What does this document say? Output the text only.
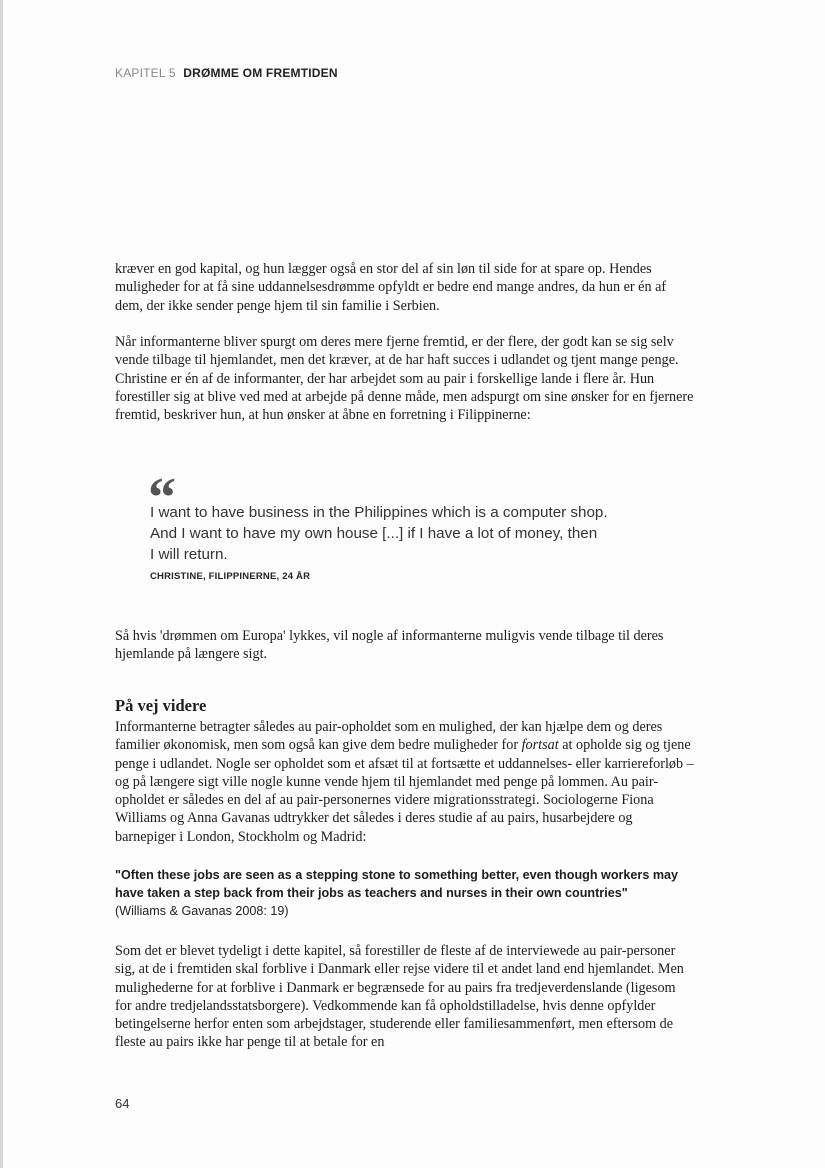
KAPITEL 5 DRØMME OM FREMTIDEN

kræver en god kapital, og hun lægger også en stor del af sin løn til side for at spare op. Hendes muligheder for at få sine uddannelsesdrømme opfyldt er bedre end mange andres, da hun er én af dem, der ikke sender penge hjem til sin familie i Serbien.

Når informanterne bliver spurgt om deres mere fjerne fremtid, er der flere, der godt kan se sig selv vende tilbage til hjemlandet, men det kræver, at de har haft succes i udlandet og tjent mange penge. Christine er én af de informanter, der har arbejdet som au pair i forskellige lande i flere år. Hun forestiller sig at blive ved med at arbejde på denne måde, men adspurgt om sine ønsker for en fjernere fremtid, beskriver hun, at hun ønsker at åbne en forretning i Filippinerne:

“
I want to have business in the Philippines which is a computer shop.
And I want to have my own house [...] if I have a lot of money, then
I will return.
CHRISTINE, FILIPPINERNE, 24 ÅR

Så hvis 'drømmen om Europa' lykkes, vil nogle af informanterne muligvis vende tilbage til deres hjemlande på længere sigt.

På vej videre

Informanterne betragter således au pair-opholdet som en mulighed, der kan hjælpe dem og deres familier økonomisk, men som også kan give dem bedre muligheder for fortsat at opholde sig og tjene penge i udlandet. Nogle ser opholdet som et afsæt til at fortsætte et uddannelses- eller karriereforløb – og på længere sigt ville nogle kunne vende hjem til hjemlandet med penge på lommen. Au pair-opholdet er således en del af au pair-personernes videre migrationsstrategi. Sociologerne Fiona Williams og Anna Gavanas udtrykker det således i deres studie af au pairs, husarbejdere og barnepiger i London, Stockholm og Madrid:

"Often these jobs are seen as a stepping stone to something better, even though workers may have taken a step back from their jobs as teachers and nurses in their own countries"

(Williams & Gavanas 2008: 19)

Som det er blevet tydeligt i dette kapitel, så forestiller de fleste af de interviewede au pair-personer sig, at de i fremtiden skal forblive i Danmark eller rejse videre til et andet land end hjemlandet. Men mulighederne for at forblive i Danmark er begrænsede for au pairs fra tredjeverdenslande (ligesom for andre tredjelandsstatsborgere). Vedkommende kan få opholdstilladelse, hvis denne opfylder betingelserne herfor enten som arbejdstager, studerende eller familiesammenført, men eftersom de fleste au pairs ikke har penge til at betale for en

64
